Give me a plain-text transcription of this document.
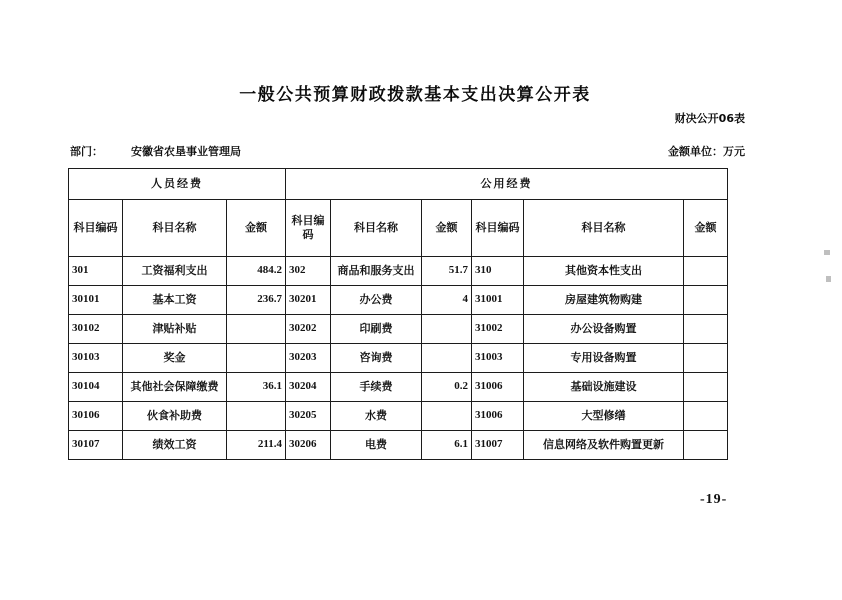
一般公共预算财政拨款基本支出决算公开表
财决公开06表
部门：	安徽省农垦事业管理局	金额单位：万元
人员经费			公用经费					
科目编码	科目名称	金额	科目编码	科目名称	金额	科目编码	科目名称	金额
301	工资福利支出	484.2	302	商品和服务支出	51.7	310	其他资本性支出	
30101	基本工资	236.7	30201	办公费	4	31001	房屋建筑物购建	
30102	津贴补贴		30202	印刷费		31002	办公设备购置	
30103	奖金		30203	咨询费		31003	专用设备购置	
30104	其他社会保障缴费	36.1	30204	手续费	0.2	31006	基础设施建设	
30106	伙食补助费		30205	水费		31006	大型修缮	
30107	绩效工资	211.4	30206	电费	6.1	31007	信息网络及软件购置更新	
-19-
